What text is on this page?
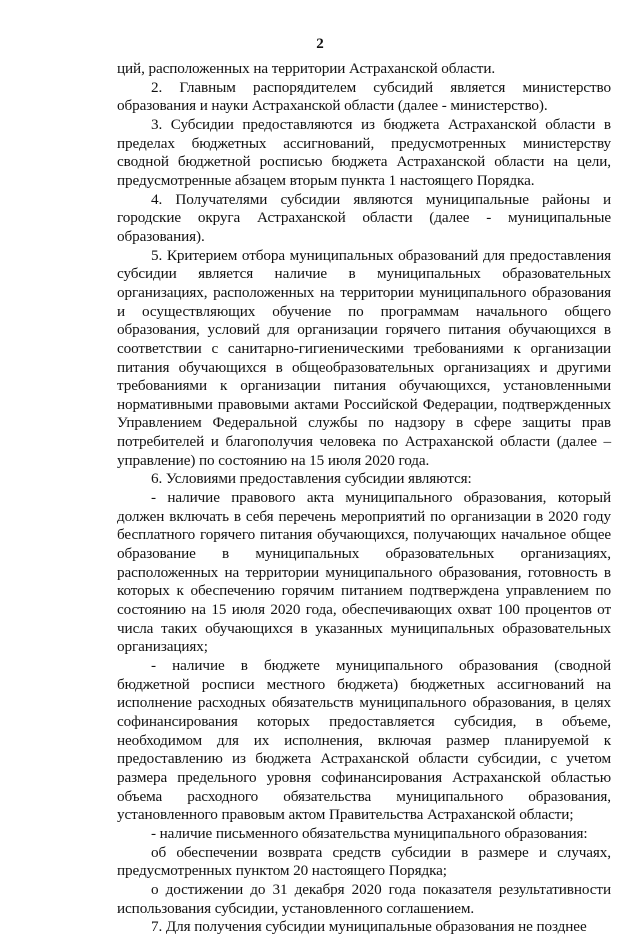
2

ций, расположенных на территории Астраханской области.

2. Главным распорядителем субсидий является министерство образования и науки Астраханской области (далее - министерство).

3. Субсидии предоставляются из бюджета Астраханской области в пределах бюджетных ассигнований, предусмотренных министерству сводной бюджетной росписью бюджета Астраханской области на цели, предусмотренные абзацем вторым пункта 1 настоящего Порядка.

4. Получателями субсидии являются муниципальные районы и городские округа Астраханской области (далее - муниципальные образования).

5. Критерием отбора муниципальных образований для предоставления субсидии является наличие в муниципальных образовательных организациях, расположенных на территории муниципального образования и осуществляющих обучение по программам начального общего образования, условий для организации горячего питания обучающихся в соответствии с санитарно-гигиеническими требованиями к организации питания обучающихся в общеобразовательных организациях и другими требованиями к организации питания обучающихся, установленными нормативными правовыми актами Российской Федерации, подтвержденных Управлением Федеральной службы по надзору в сфере защиты прав потребителей и благополучия человека по Астраханской области (далее – управление) по состоянию на 15 июля 2020 года.

6. Условиями предоставления субсидии являются:

- наличие правового акта муниципального образования, который должен включать в себя перечень мероприятий по организации в 2020 году бесплатного горячего питания обучающихся, получающих начальное общее образование в муниципальных образовательных организациях, расположенных на территории муниципального образования, готовность в которых к обеспечению горячим питанием подтверждена управлением по состоянию на 15 июля 2020 года, обеспечивающих охват 100 процентов от числа таких обучающихся в указанных муниципальных образовательных организациях;

- наличие в бюджете муниципального образования (сводной бюджетной росписи местного бюджета) бюджетных ассигнований на исполнение расходных обязательств муниципального образования, в целях софинансирования которых предоставляется субсидия, в объеме, необходимом для их исполнения, включая размер планируемой к предоставлению из бюджета Астраханской области субсидии, с учетом размера предельного уровня софинансирования Астраханской областью объема расходного обязательства муниципального образования, установленного правовым актом Правительства Астраханской области;

- наличие письменного обязательства муниципального образования:

об обеспечении возврата средств субсидии в размере и случаях, предусмотренных пунктом 20 настоящего Порядка;

о достижении до 31 декабря 2020 года показателя результативности использования субсидии, установленного соглашением.

7. Для получения субсидии муниципальные образования не позднее
